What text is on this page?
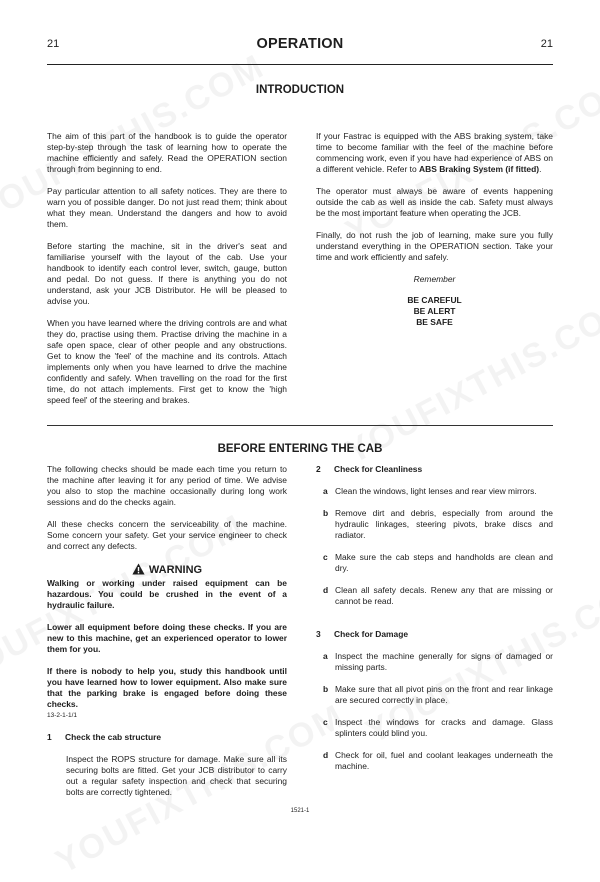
21	OPERATION	21
INTRODUCTION

The aim of this part of the handbook is to guide the operator step-by-step through the task of learning how to operate the machine efficiently and safely. Read the OPERATION section through from beginning to end.

Pay particular attention to all safety notices. They are there to warn you of possible danger. Do not just read them; think about what they mean. Understand the dangers and how to avoid them.

Before starting the machine, sit in the driver's seat and familiarise yourself with the layout of the cab. Use your handbook to identify each control lever, switch, gauge, button and pedal. Do not guess. If there is anything you do not understand, ask your JCB Distributor. He will be pleased to advise you.

When you have learned where the driving controls are and what they do, practise using them. Practise driving the machine in a safe open space, clear of other people and any obstructions. Get to know the 'feel' of the machine and its controls. Attach implements only when you have learned to drive the machine confidently and safely. When travelling on the road for the first time, do not attach implements. First get to know the 'high speed feel' of the steering and brakes.

If your Fastrac is equipped with the ABS braking system, take time to become familiar with the feel of the machine before commencing work, even if you have had experience of ABS on a different vehicle. Refer to ABS Braking System (if fitted).

The operator must always be aware of events happening outside the cab as well as inside the cab. Safety must always be the most important feature when operating the JCB.

Finally, do not rush the job of learning, make sure you fully understand everything in the OPERATION section. Take your time and work efficiently and safely.

Remember

BE CAREFUL
BE ALERT
BE SAFE
BEFORE ENTERING THE CAB

The following checks should be made each time you return to the machine after leaving it for any period of time. We advise you also to stop the machine occasionally during long work sessions and do the checks again.

All these checks concern the serviceability of the machine. Some concern your safety. Get your service engineer to check and correct any defects.

WARNING

Walking or working under raised equipment can be hazardous. You could be crushed in the event of a hydraulic failure.

Lower all equipment before doing these checks. If you are new to this machine, get an experienced operator to lower them for you.

If there is nobody to help you, study this handbook until you have learned how to lower equipment. Also make sure that the parking brake is engaged before doing these checks.

13-2-1-1/1
1 Check the cab structure

Inspect the ROPS structure for damage. Make sure all its securing bolts are fitted. Get your JCB distributor to carry out a regular safety inspection and check that securing bolts are correctly tightened.

2 Check for Cleanliness
a Clean the windows, light lenses and rear view mirrors.
b Remove dirt and debris, especially from around the hydraulic linkages, steering pivots, brake discs and radiator.
c Make sure the cab steps and handholds are clean and dry.
d Clean all safety decals. Renew any that are missing or cannot be read.
3 Check for Damage
a Inspect the machine generally for signs of damaged or missing parts.
b Make sure that all pivot pins on the front and rear linkage are secured correctly in place.
c Inspect the windows for cracks and damage. Glass splinters could blind you.
d Check for oil, fuel and coolant leakages underneath the machine.
1521-1
